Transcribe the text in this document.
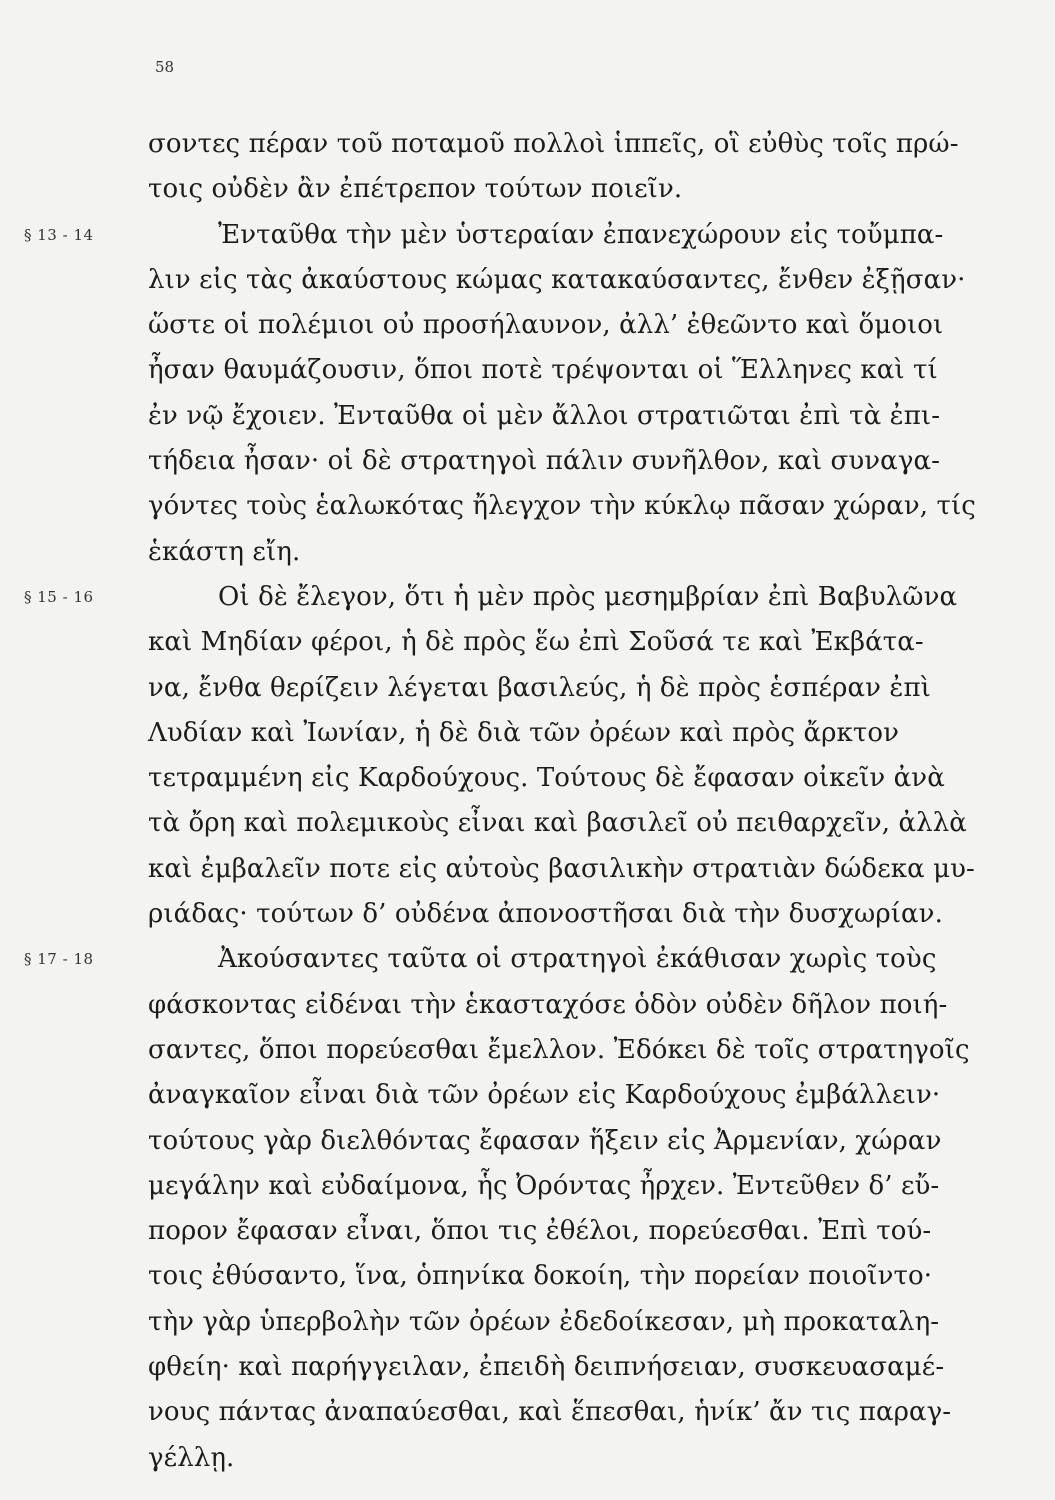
58
σοντες πέραν τοῦ ποταμοῦ πολλοὶ ἱππεῖς, οἳ εὐθὺς τοῖς πρώ-
τοις οὐδὲν ἂν ἐπέτρεπον τούτων ποιεῖν.
§ 13 - 14	Ἐνταῦθα τὴν μὲν ὑστεραίαν ἐπανεχώρουν εἰς τοὔμπα-
λιν εἰς τὰς ἀκαύστους κώμας κατακαύσαντες, ἔνθεν ἐξῇσαν·
ὥστε οἱ πολέμιοι οὐ προσήλαυνον, ἀλλ’ ἐθεῶντο καὶ ὅμοιοι
ἦσαν θαυμάζουσιν, ὅποι ποτὲ τρέψονται οἱ Ἕλληνες καὶ τί
ἐν νῷ ἔχοιεν. Ἐνταῦθα οἱ μὲν ἄλλοι στρατιῶται ἐπὶ τὰ ἐπι-
τήδεια ἦσαν· οἱ δὲ στρατηγοὶ πάλιν συνῆλθον, καὶ συναγα-
γόντες τοὺς ἑαλωκότας ἤλεγχον τὴν κύκλῳ πᾶσαν χώραν, τίς
ἑκάστη εἴη.
§ 15 - 16	Οἱ δὲ ἔλεγον, ὅτι ἡ μὲν πρὸς μεσημβρίαν ἐπὶ Βαβυλῶνα
καὶ Μηδίαν φέροι, ἡ δὲ πρὸς ἕω ἐπὶ Σοῦσά τε καὶ Ἐκβάτα-
να, ἔνθα θερίζειν λέγεται βασιλεύς, ἡ δὲ πρὸς ἑσπέραν ἐπὶ
Λυδίαν καὶ Ἰωνίαν, ἡ δὲ διὰ τῶν ὀρέων καὶ πρὸς ἄρκτον
τετραμμένη εἰς Καρδούχους. Τούτους δὲ ἔφασαν οἰκεῖν ἀνὰ
τὰ ὄρη καὶ πολεμικοὺς εἶναι καὶ βασιλεῖ οὐ πειθαρχεῖν, ἀλλὰ
καὶ ἐμβαλεῖν ποτε εἰς αὐτοὺς βασιλικὴν στρατιὰν δώδεκα μυ-
ριάδας· τούτων δ’ οὐδένα ἀπονοστῆσαι διὰ τὴν δυσχωρίαν.
§ 17 - 18	Ἀκούσαντες ταῦτα οἱ στρατηγοὶ ἐκάθισαν χωρὶς τοὺς
φάσκοντας εἰδέναι τὴν ἑκασταχόσε ὁδὸν οὐδὲν δῆλον ποιή-
σαντες, ὅποι πορεύεσθαι ἔμελλον. Ἐδόκει δὲ τοῖς στρατηγοῖς
ἀναγκαῖον εἶναι διὰ τῶν ὀρέων εἰς Καρδούχους ἐμβάλλειν·
τούτους γὰρ διελθόντας ἔφασαν ἥξειν εἰς Ἀρμενίαν, χώραν
μεγάλην καὶ εὐδαίμονα, ἧς Ὀρόντας ἦρχεν. Ἐντεῦθεν δ’ εὔ-
πορον ἔφασαν εἶναι, ὅποι τις ἐθέλοι, πορεύεσθαι. Ἐπὶ τού-
τοις ἐθύσαντο, ἵνα, ὁπηνίκα δοκοίη, τὴν πορείαν ποιοῖντο·
τὴν γὰρ ὑπερβολὴν τῶν ὀρέων ἐδεδοίκεσαν, μὴ προκαταλη-
φθείη· καὶ παρήγγειλαν, ἐπειδὴ δειπνήσειαν, συσκευασαμέ-
νους πάντας ἀναπαύεσθαι, καὶ ἕπεσθαι, ἡνίκ’ ἄν τις παραγ-
γέλλῃ.
